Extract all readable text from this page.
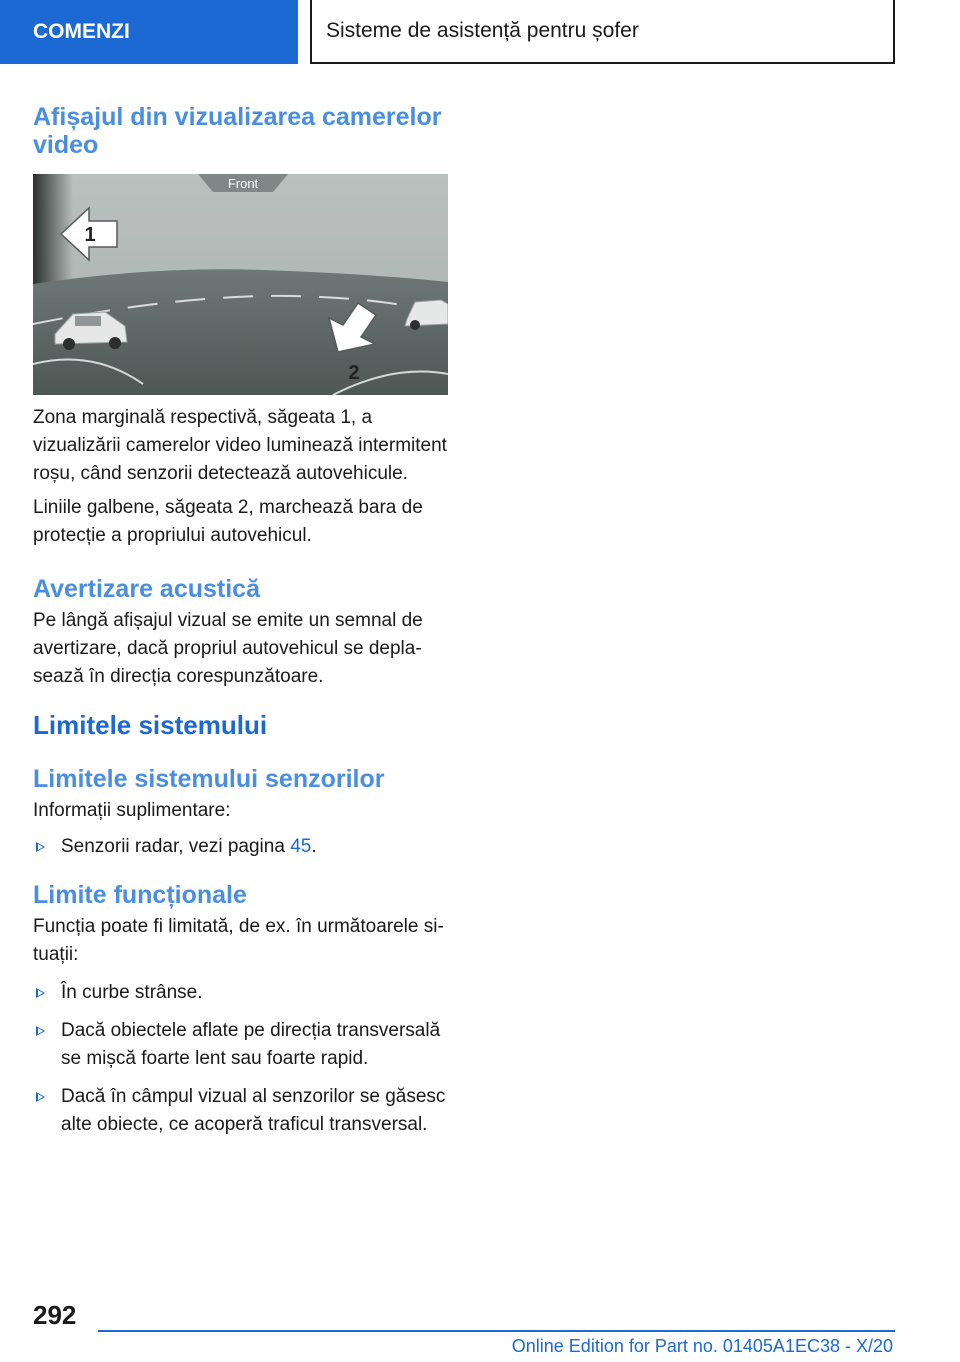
COMENZI	Sisteme de asistență pentru șofer
Afișajul din vizualizarea camerelor video
Front
1
2

Zona marginală respectivă, săgeata 1, a vizualizării camerelor video luminează intermitent roșu, când senzorii detectează autovehicule.

Liniile galbene, săgeata 2, marchează bara de protecție a propriului autovehicul.

Avertizare acustică

Pe lângă afișajul vizual se emite un semnal de avertizare, dacă propriul autovehicul se deplasează în direcția corespunzătoare.

Limitele sistemului
Limitele sistemului senzorilor

Informații suplimentare:

Senzorii radar, vezi pagina 45.
Limite funcționale

Funcția poate fi limitată, de ex. în următoarele situații:

În curbe strânse.
Dacă obiectele aflate pe direcția transversală se mișcă foarte lent sau foarte rapid.
Dacă în câmpul vizual al senzorilor se găsesc alte obiecte, ce acoperă traficul transversal.
292
Online Edition for Part no. 01405A1EC38 - X/20
